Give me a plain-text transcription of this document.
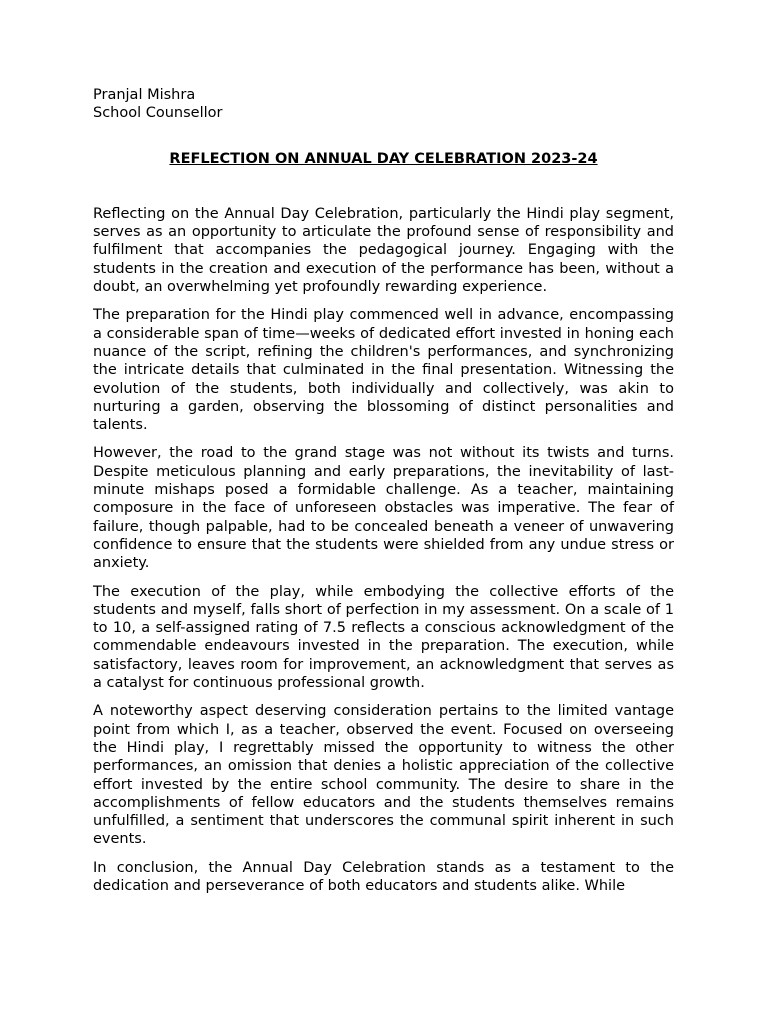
Pranjal Mishra
School Counsellor
REFLECTION ON ANNUAL DAY CELEBRATION 2023-24

Reflecting on the Annual Day Celebration, particularly the Hindi play segment, serves as an opportunity to articulate the profound sense of responsibility and fulfilment that accompanies the pedagogical journey. Engaging with the students in the creation and execution of the performance has been, without a doubt, an overwhelming yet profoundly rewarding experience.

The preparation for the Hindi play commenced well in advance, encompassing a considerable span of time—weeks of dedicated effort invested in honing each nuance of the script, refining the children's performances, and synchronizing the intricate details that culminated in the final presentation. Witnessing the evolution of the students, both individually and collectively, was akin to nurturing a garden, observing the blossoming of distinct personalities and talents.

However, the road to the grand stage was not without its twists and turns. Despite meticulous planning and early preparations, the inevitability of last-minute mishaps posed a formidable challenge. As a teacher, maintaining composure in the face of unforeseen obstacles was imperative. The fear of failure, though palpable, had to be concealed beneath a veneer of unwavering confidence to ensure that the students were shielded from any undue stress or anxiety.

The execution of the play, while embodying the collective efforts of the students and myself, falls short of perfection in my assessment. On a scale of 1 to 10, a self-assigned rating of 7.5 reflects a conscious acknowledgment of the commendable endeavours invested in the preparation. The execution, while satisfactory, leaves room for improvement, an acknowledgment that serves as a catalyst for continuous professional growth.

A noteworthy aspect deserving consideration pertains to the limited vantage point from which I, as a teacher, observed the event. Focused on overseeing the Hindi play, I regrettably missed the opportunity to witness the other performances, an omission that denies a holistic appreciation of the collective effort invested by the entire school community. The desire to share in the accomplishments of fellow educators and the students themselves remains unfulfilled, a sentiment that underscores the communal spirit inherent in such events.

In conclusion, the Annual Day Celebration stands as a testament to the dedication and perseverance of both educators and students alike. While
